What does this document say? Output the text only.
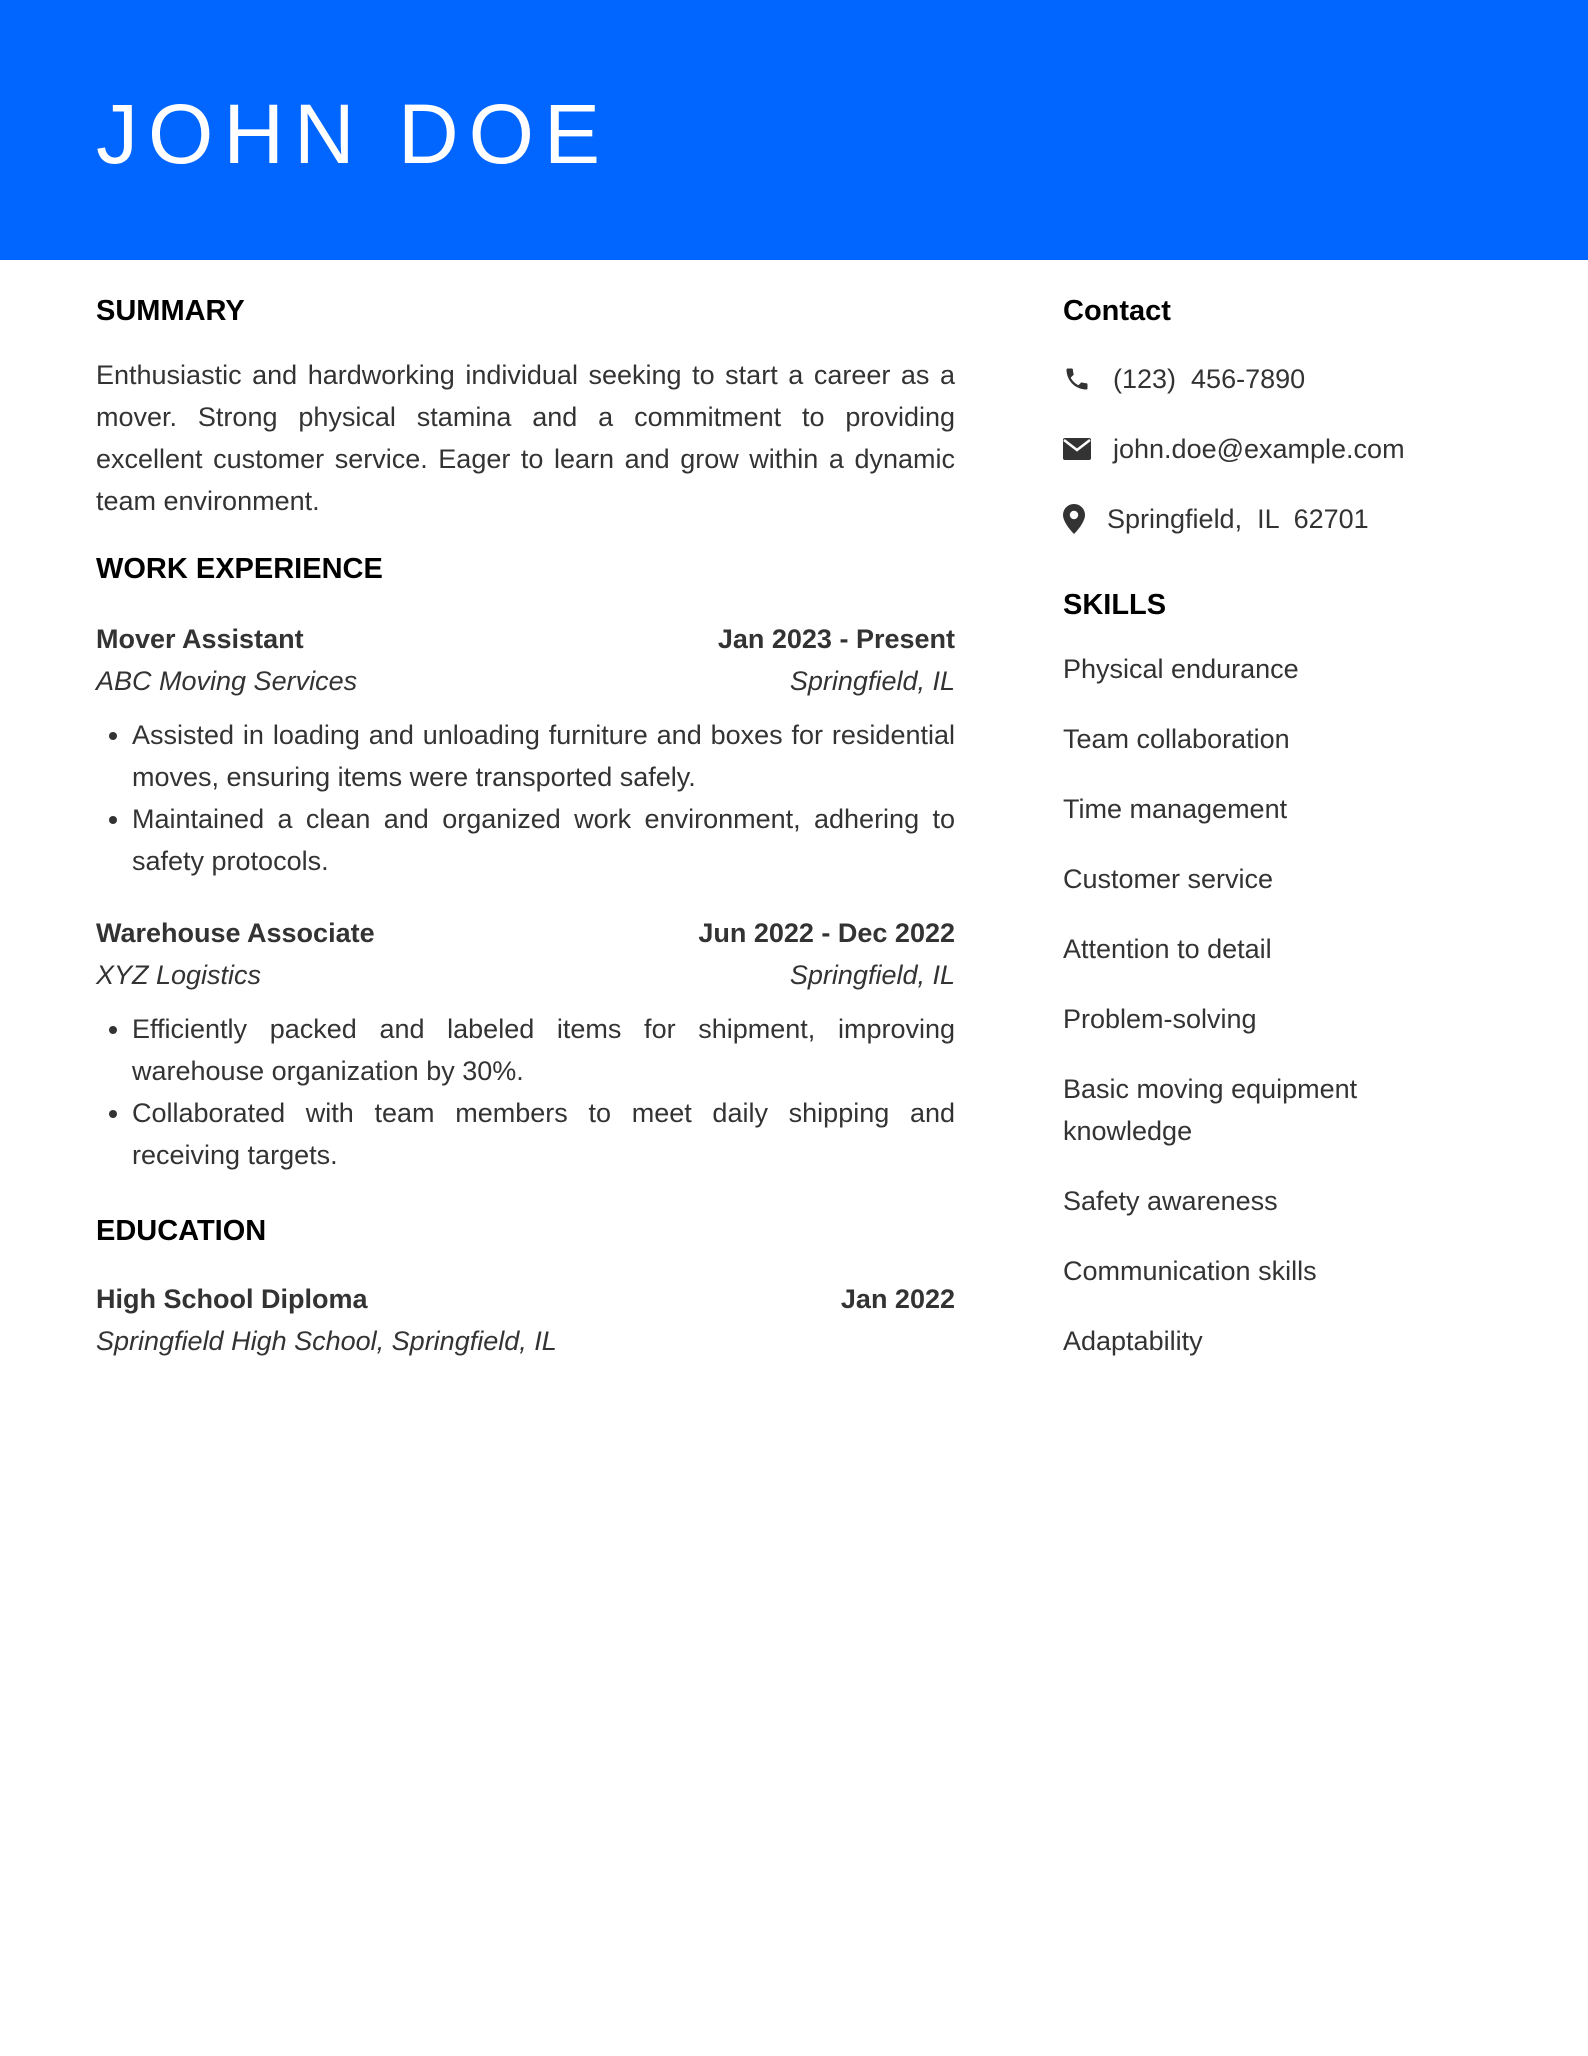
JOHN DOE
SUMMARY

Enthusiastic and hardworking individual seeking to start a career as a mover. Strong physical stamina and a commitment to providing excellent customer service. Eager to learn and grow within a dynamic team environment.

WORK EXPERIENCE
Mover Assistant	Jan 2023 - Present
ABC Moving Services	Springfield, IL
• Assisted in loading and unloading furniture and boxes for residential moves, ensuring items were transported safely.
• Maintained a clean and organized work environment, adhering to safety protocols.
Warehouse Associate	Jun 2022 - Dec 2022
XYZ Logistics	Springfield, IL
• Efficiently packed and labeled items for shipment, improving warehouse organization by 30%.
• Collaborated with team members to meet daily shipping and receiving targets.
EDUCATION
High School Diploma	Jan 2022
Springfield High School, Springfield, IL
Contact
(123)  456-7890
john.doe@example.com
Springfield,  IL  62701
SKILLS
Physical endurance
Team collaboration
Time management
Customer service
Attention to detail
Problem-solving
Basic moving equipment knowledge
Safety awareness
Communication skills
Adaptability
